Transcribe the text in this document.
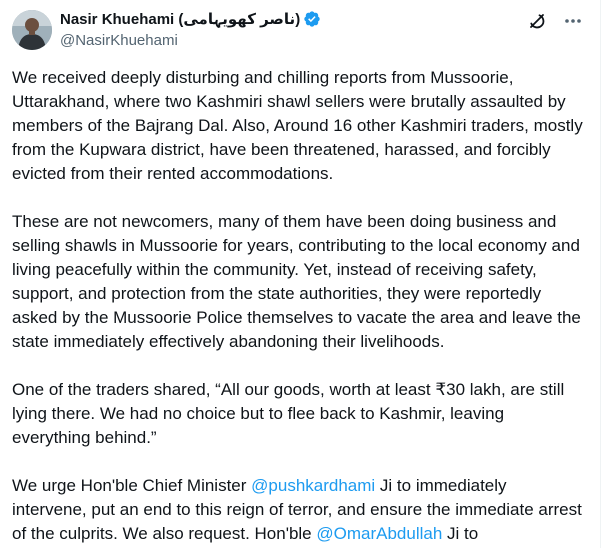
Nasir Khuehami (ناصر کھویہامی)
@NasirKhuehami

We received deeply disturbing and chilling reports from Mussoorie, Uttarakhand, where two Kashmiri shawl sellers were brutally assaulted by members of the Bajrang Dal. Also, Around 16 other Kashmiri traders, mostly from the Kupwara district, have been threatened, harassed, and forcibly evicted from their rented accommodations.

These are not newcomers, many of them have been doing business and selling shawls in Mussoorie for years, contributing to the local economy and living peacefully within the community. Yet, instead of receiving safety, support, and protection from the state authorities, they were reportedly asked by the Mussoorie Police themselves to vacate the area and leave the state immediately effectively abandoning their livelihoods.

One of the traders shared, “All our goods, worth at least ₹30 lakh, are still lying there. We had no choice but to flee back to Kashmir, leaving everything behind.”

We urge Hon'ble Chief Minister @pushkardhami Ji to immediately intervene, put an end to this reign of terror, and ensure the immediate arrest of the culprits. We also request. Hon'ble @OmarAbdullah Ji to
